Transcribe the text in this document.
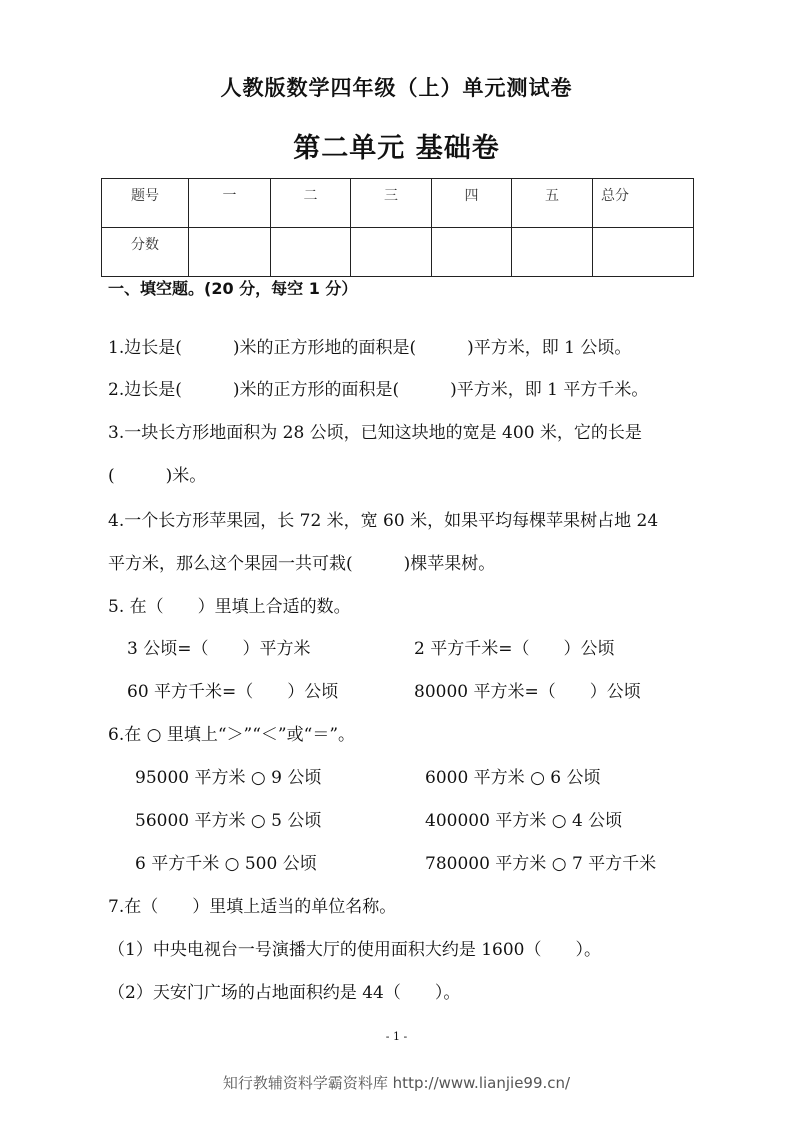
人教版数学四年级（上）单元测试卷
第二单元 基础卷
题号	一	二	三	四	五	总分
分数						
一、填空题。(20 分，每空 1 分）
1.边长是(　　　)米的正方形地的面积是(　　　)平方米，即 1 公顷。
2.边长是(　　　)米的正方形的面积是(　　　)平方米，即 1 平方千米。
3.一块长方形地面积为 28 公顷，已知这块地的宽是 400 米，它的长是
(　　　)米。
4.一个长方形苹果园，长 72 米，宽 60 米，如果平均每棵苹果树占地 24
平方米，那么这个果园一共可栽(　　　)棵苹果树。
5. 在（　　）里填上合适的数。
3 公顷=（　　）平方米	2 平方千米=（　　）公顷
60 平方千米=（　　）公顷	80000 平方米=（　　）公顷
6.在 ○ 里填上“＞”“＜”或“＝”。
95000 平方米 ○ 9 公顷	6000 平方米 ○ 6 公顷
56000 平方米 ○ 5 公顷	400000 平方米 ○ 4 公顷
6 平方千米 ○ 500 公顷	780000 平方米 ○ 7 平方千米
7.在（　　）里填上适当的单位名称。
（1）中央电视台一号演播大厅的使用面积大约是 1600（　　）。
（2）天安门广场的占地面积约是 44（　　）。
- 1 -
知行教辅资料学霸资料库 http://www.lianjie99.cn/
